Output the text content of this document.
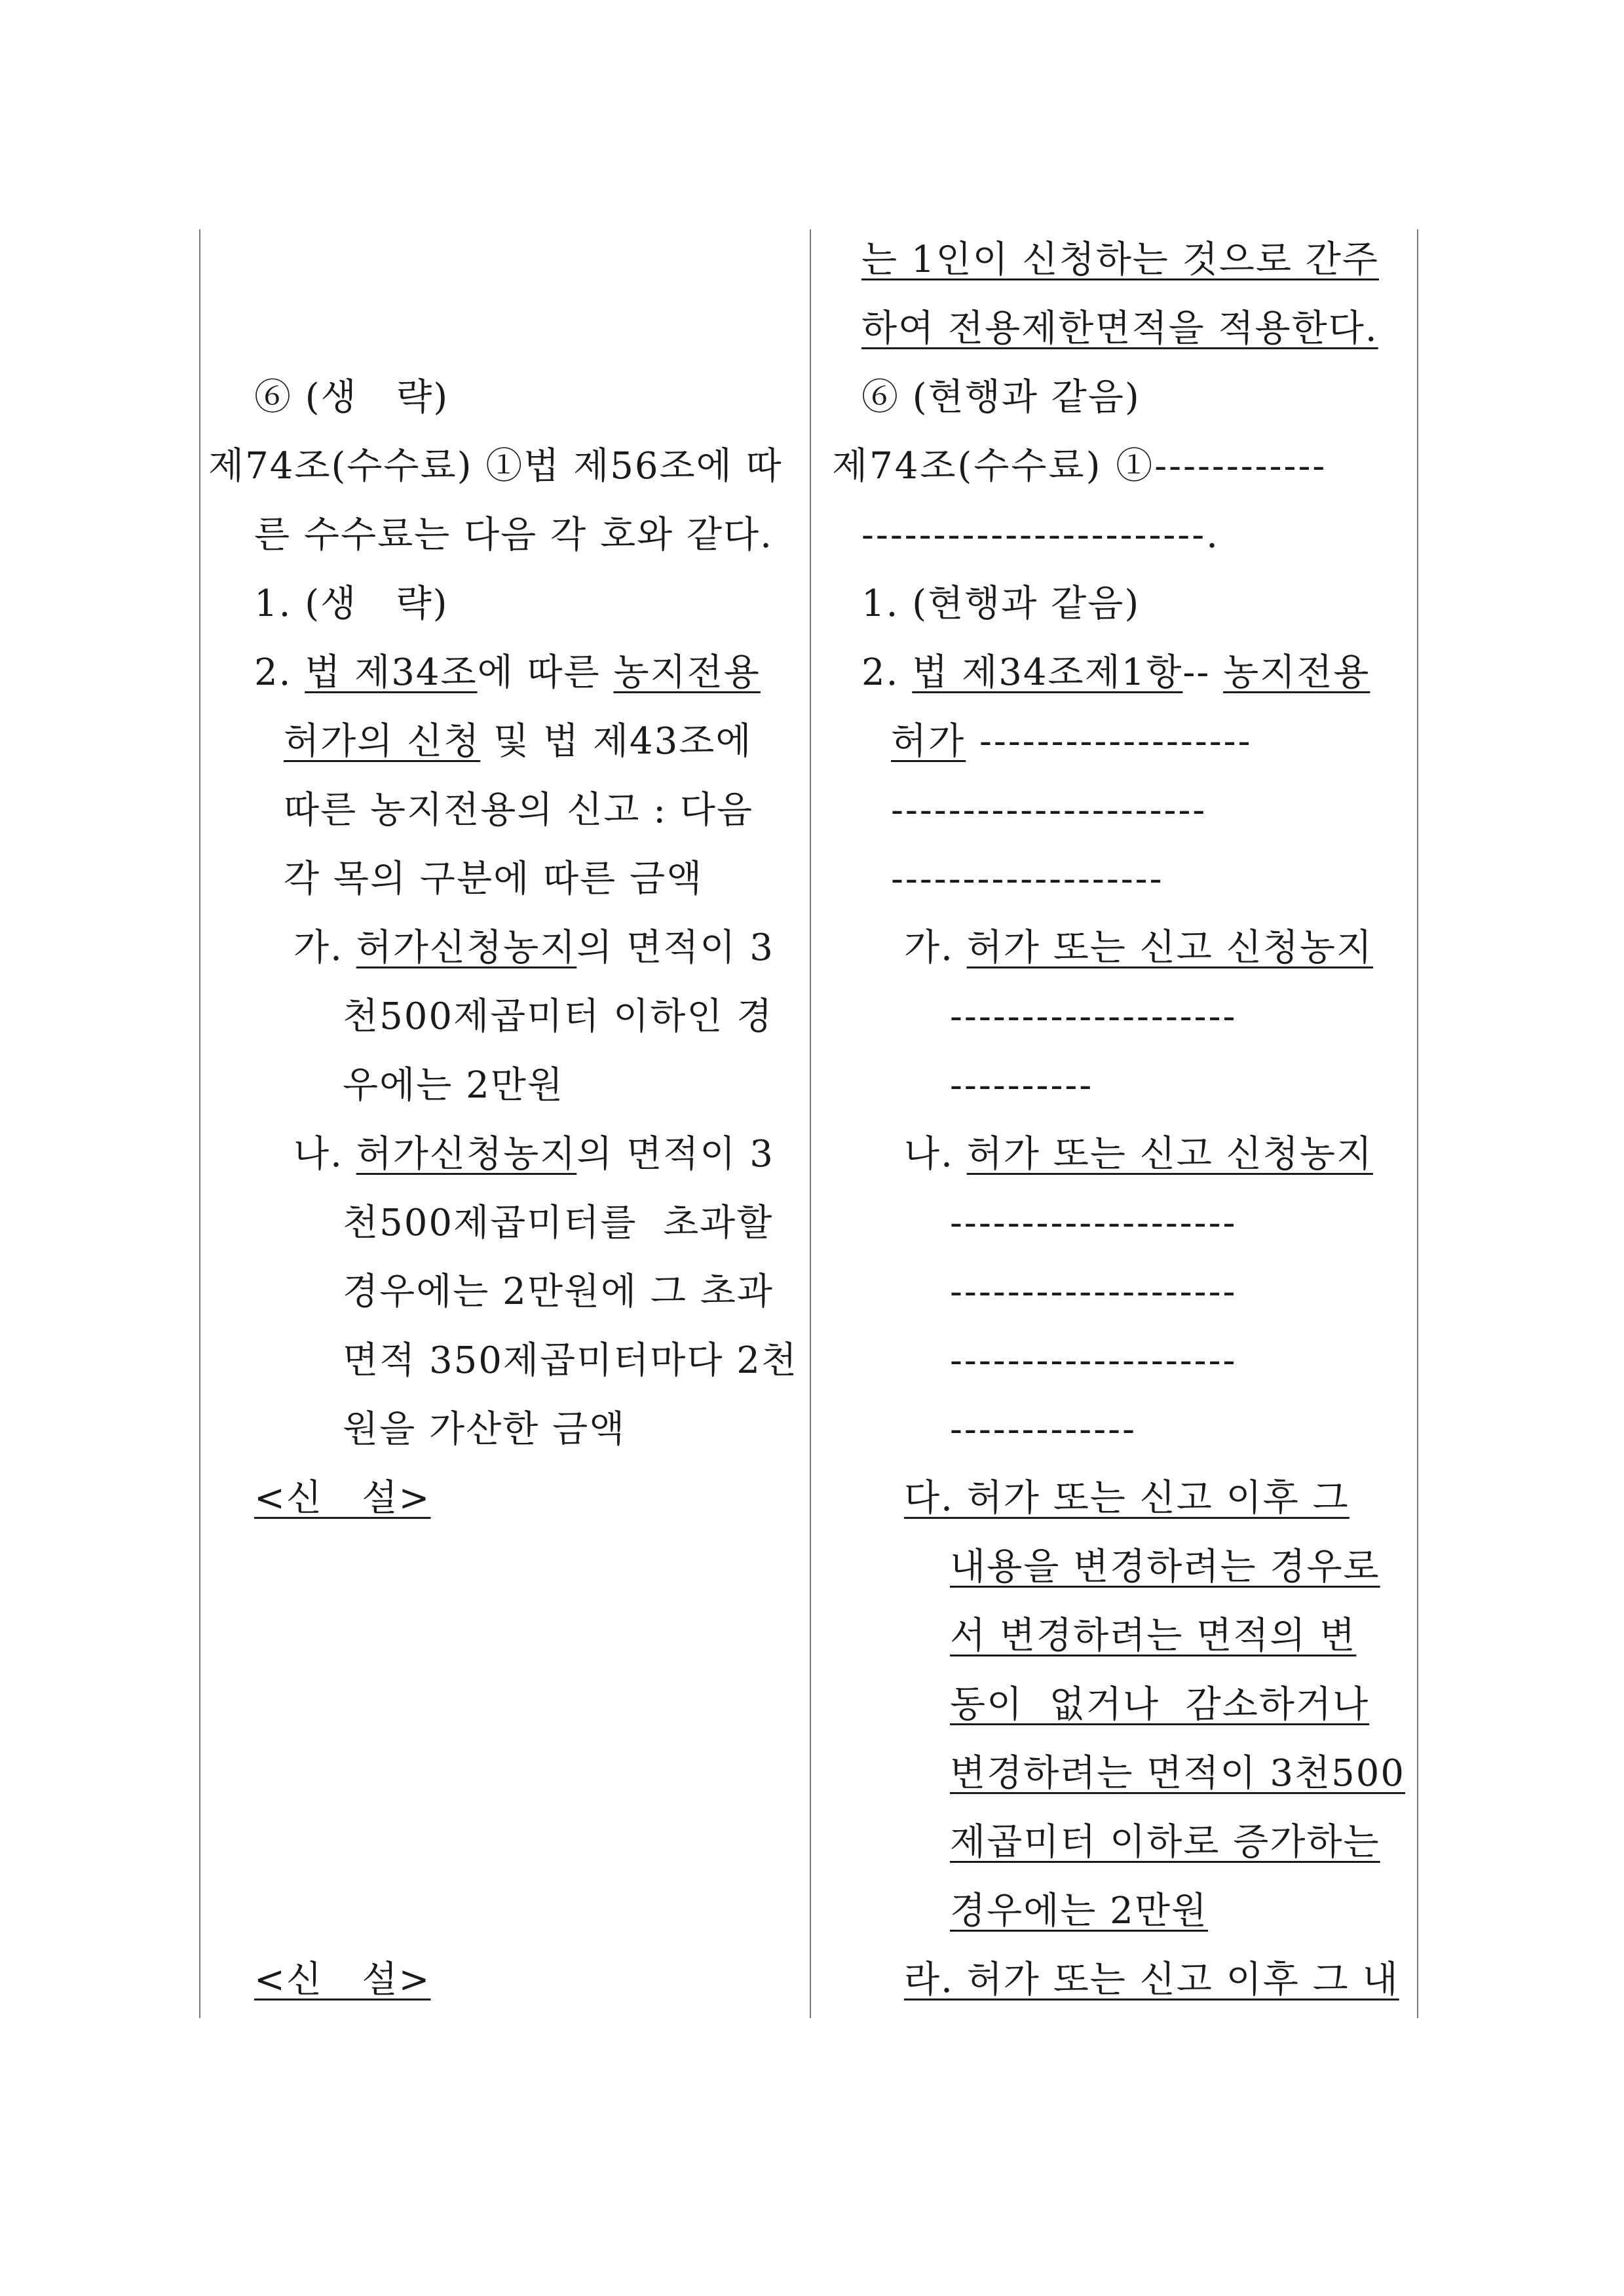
⑥ (생   략)
제74조(수수료) ①법 제56조에 따
른 수수료는 다음 각 호와 같다.
1. (생   략)
2. 법 제34조에 따른 농지전용
허가의 신청 및 법 제43조에
따른 농지전용의 신고 : 다음
각 목의 구분에 따른 금액
가. 허가신청농지의 면적이 3
천500제곱미터 이하인 경
우에는 2만원
나. 허가신청농지의 면적이 3
천500제곱미터를  초과할
경우에는 2만원에 그 초과
면적 350제곱미터마다 2천
원을 가산한 금액
<신   설>
<신   설>
는 1인이 신청하는 것으로 간주
하여 전용제한면적을 적용한다.
⑥ (현행과 같음)
제74조(수수료) ①------------
------------------------.
1. (현행과 같음)
2. 법 제34조제1항-- 농지전용
허가 -------------------
----------------------
-------------------
가. 허가 또는 신고 신청농지
--------------------
----------
나. 허가 또는 신고 신청농지
--------------------
--------------------
--------------------
-------------
다. 허가 또는 신고 이후 그
내용을 변경하려는 경우로
서 변경하려는 면적의 변
동이  없거나  감소하거나
변경하려는 면적이 3천500
제곱미터 이하로 증가하는
경우에는 2만원
라. 허가 또는 신고 이후 그 내
